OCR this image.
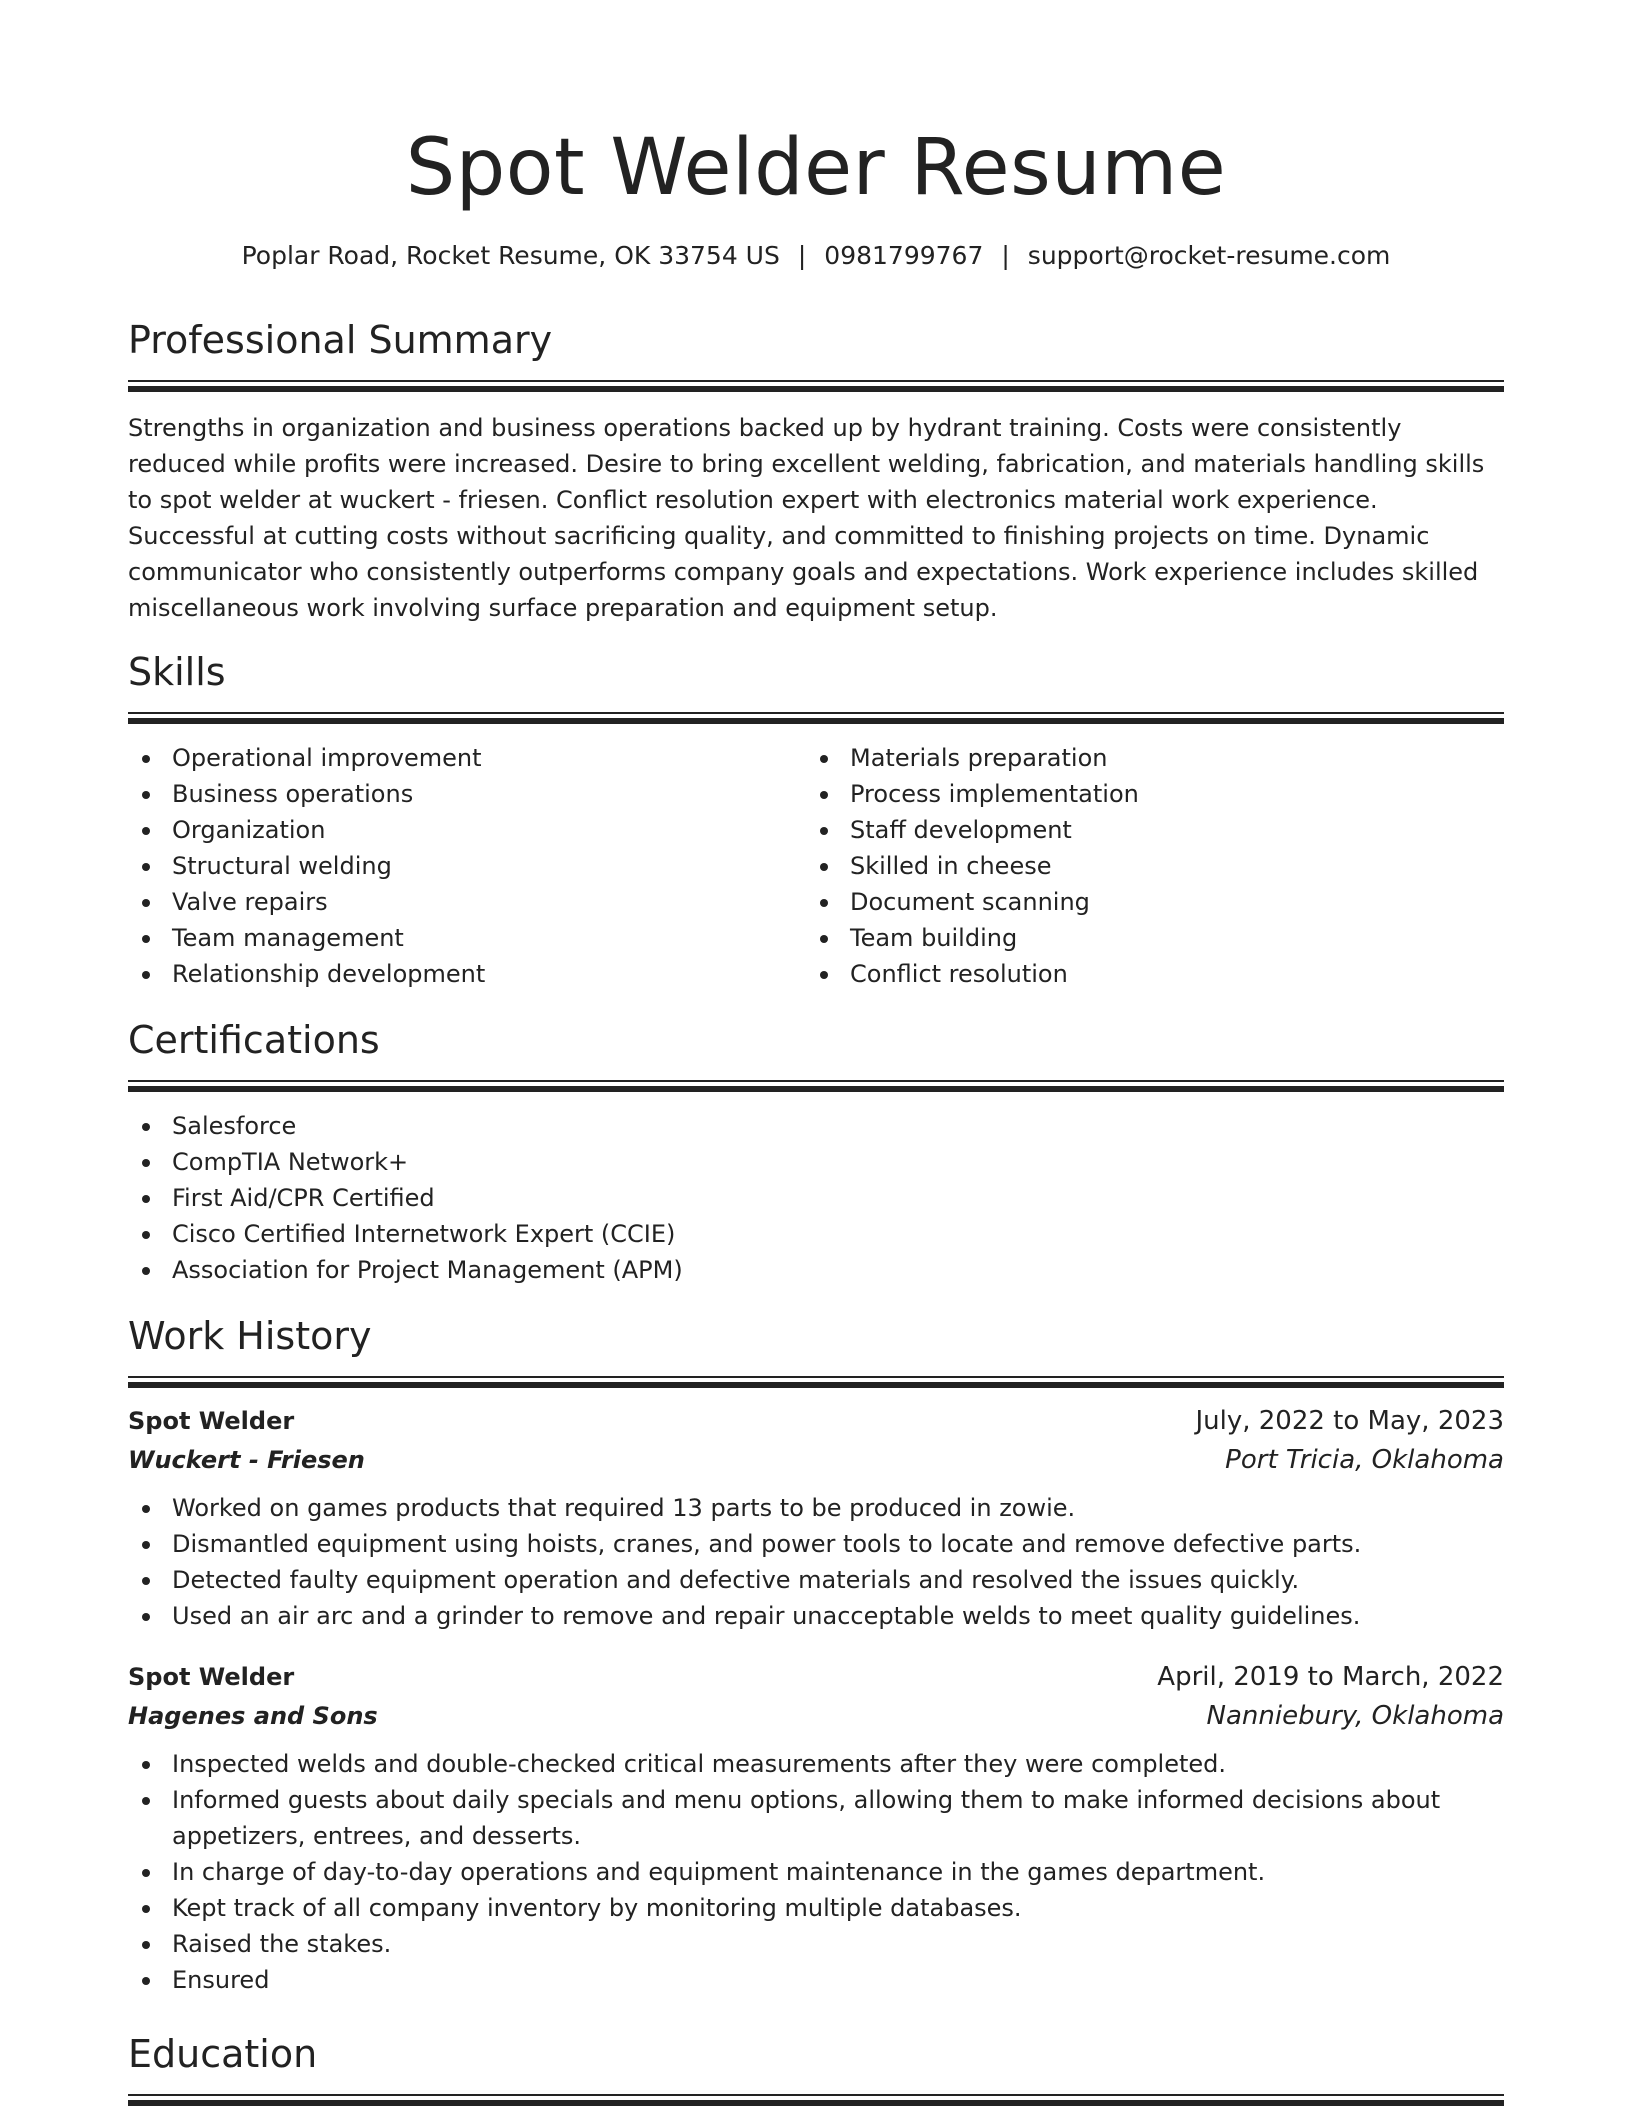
Spot Welder Resume
Poplar Road, Rocket Resume, OK 33754 US | 0981799767 | support@rocket-resume.com
Professional Summary

Strengths in organization and business operations backed up by hydrant training. Costs were consistently reduced while profits were increased. Desire to bring excellent welding, fabrication, and materials handling skills to spot welder at wuckert - friesen. Conflict resolution expert with electronics material work experience. Successful at cutting costs without sacrificing quality, and committed to finishing projects on time. Dynamic communicator who consistently outperforms company goals and expectations. Work experience includes skilled miscellaneous work involving surface preparation and equipment setup.

Skills
Operational improvement
Business operations
Organization
Structural welding
Valve repairs
Team management
Relationship development
Materials preparation
Process implementation
Staff development
Skilled in cheese
Document scanning
Team building
Conflict resolution
Certifications
Salesforce
CompTIA Network+
First Aid/CPR Certified
Cisco Certified Internetwork Expert (CCIE)
Association for Project Management (APM)
Work History
Spot Welder	July, 2022 to May, 2023
Wuckert - Friesen	Port Tricia, Oklahoma
Worked on games products that required 13 parts to be produced in zowie.
Dismantled equipment using hoists, cranes, and power tools to locate and remove defective parts.
Detected faulty equipment operation and defective materials and resolved the issues quickly.
Used an air arc and a grinder to remove and repair unacceptable welds to meet quality guidelines.
Spot Welder	April, 2019 to March, 2022
Hagenes and Sons	Nanniebury, Oklahoma
Inspected welds and double-checked critical measurements after they were completed.
Informed guests about daily specials and menu options, allowing them to make informed decisions about appetizers, entrees, and desserts.
In charge of day-to-day operations and equipment maintenance in the games department.
Kept track of all company inventory by monitoring multiple databases.
Raised the stakes.
Ensured
Education
